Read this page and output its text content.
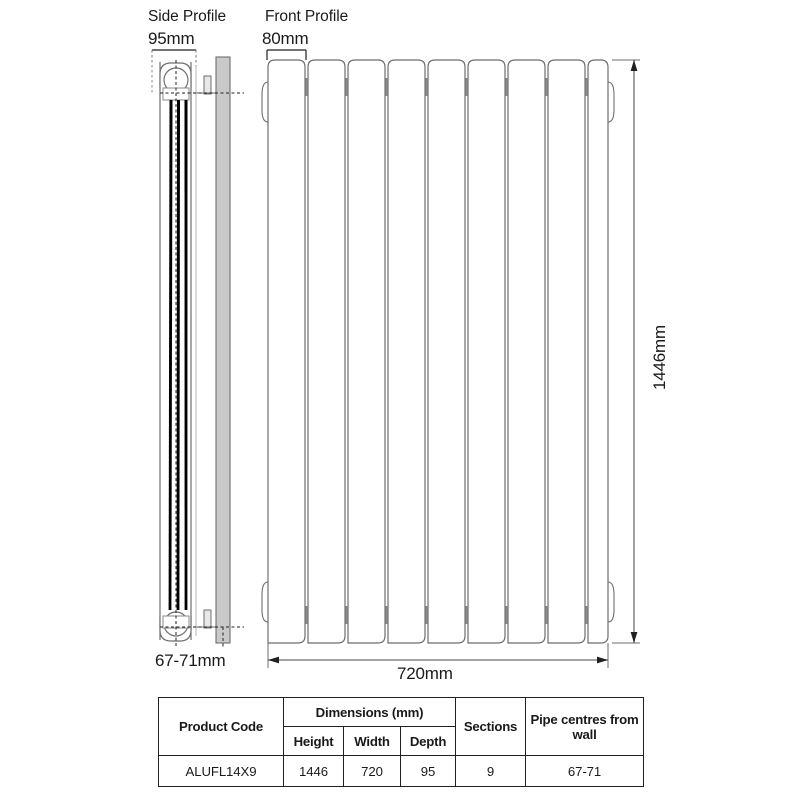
Side Profile
95mm
Front Profile
80mm
67-71mm
720mm
1446mm
Product Code	Dimensions (mm)			Sections	Pipe centres from wall
	Height	Width	Depth		
ALUFL14X9	1446	720	95	9	67-71
